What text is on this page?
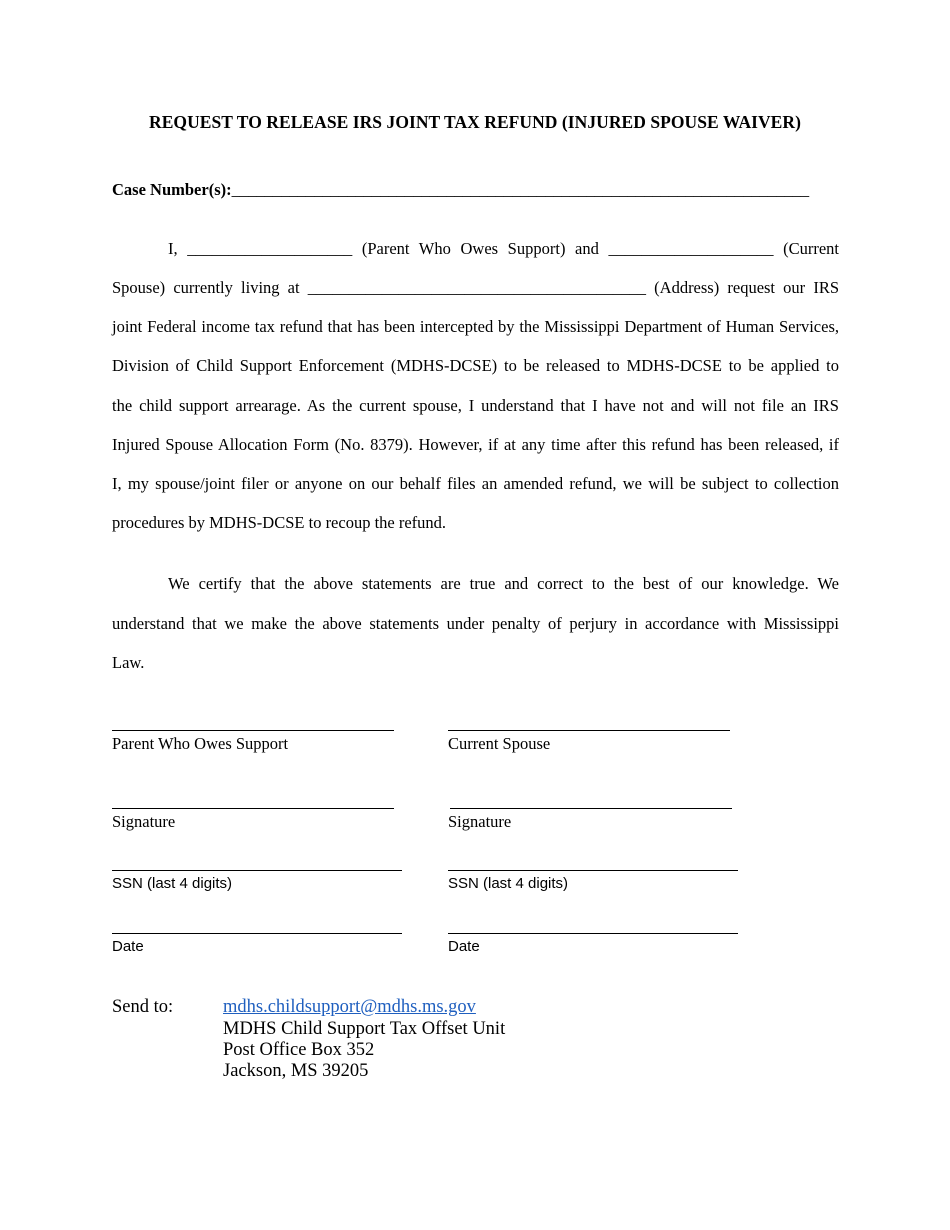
REQUEST TO RELEASE IRS JOINT TAX REFUND (INJURED SPOUSE WAIVER)
Case Number(s):______________________________________________________________________
I, ____________________ (Parent Who Owes Support) and ____________________ (Current
Spouse) currently living at _________________________________________ (Address) request our IRS
joint Federal income tax refund that has been intercepted by the Mississippi Department of Human Services,
Division of Child Support Enforcement (MDHS-DCSE) to be released to MDHS-DCSE to be applied to
the child support arrearage. As the current spouse, I understand that I have not and will not file an IRS
Injured Spouse Allocation Form (No. 8379). However, if at any time after this refund has been released, if
I, my spouse/joint filer or anyone on our behalf files an amended refund, we will be subject to collection
procedures by MDHS-DCSE to recoup the refund.
We certify that the above statements are true and correct to the best of our knowledge. We
understand that we make the above statements under penalty of perjury in accordance with Mississippi
Law.
Parent Who Owes Support
Signature
SSN (last 4 digits)
Date
Current Spouse
Signature
SSN (last 4 digits)
Date
Send to:	mdhs.childsupport@mdhs.ms.gov
MDHS Child Support Tax Offset Unit
Post Office Box 352
Jackson, MS 39205
